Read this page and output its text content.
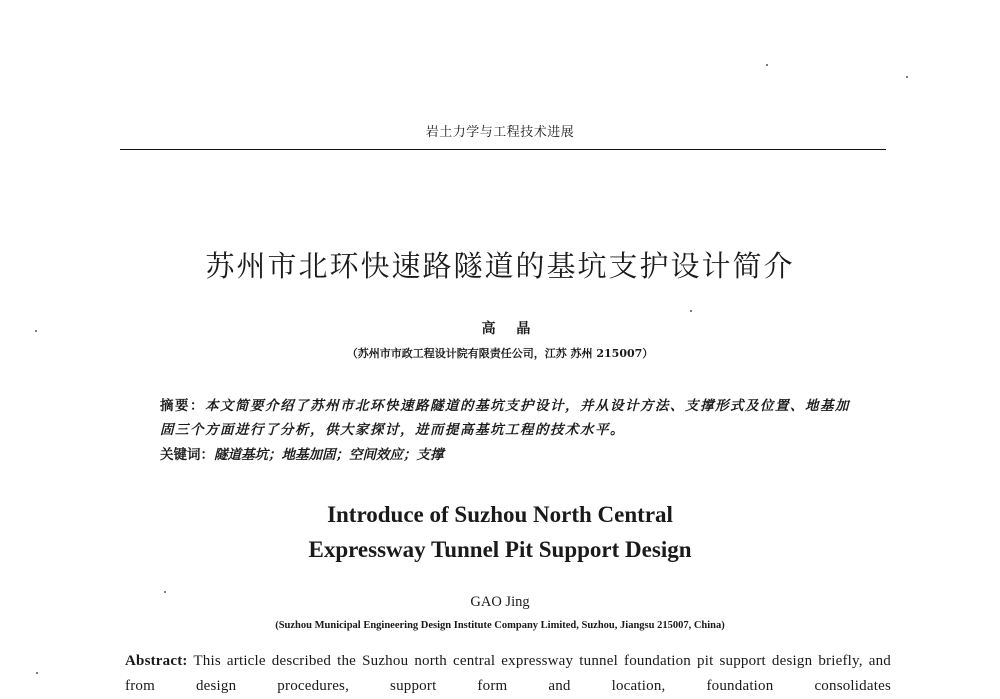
岩土力学与工程技术进展
苏州市北环快速路隧道的基坑支护设计简介
高 晶
（苏州市市政工程设计院有限责任公司，江苏 苏州 215007）
摘要：本文简要介绍了苏州市北环快速路隧道的基坑支护设计，并从设计方法、支撑形式及位置、地基加固三个方面进行了分析，供大家探讨，进而提高基坑工程的技术水平。
关键词：隧道基坑；地基加固；空间效应；支撑
Introduce of Suzhou North Central
Expressway Tunnel Pit Support Design
GAO Jing
(Suzhou Municipal Engineering Design Institute Company Limited, Suzhou, Jiangsu 215007, China)
Abstract: This article described the Suzhou north central expressway tunnel foundation pit support design briefly, and from design procedures, support form and location, foundation consolidates
